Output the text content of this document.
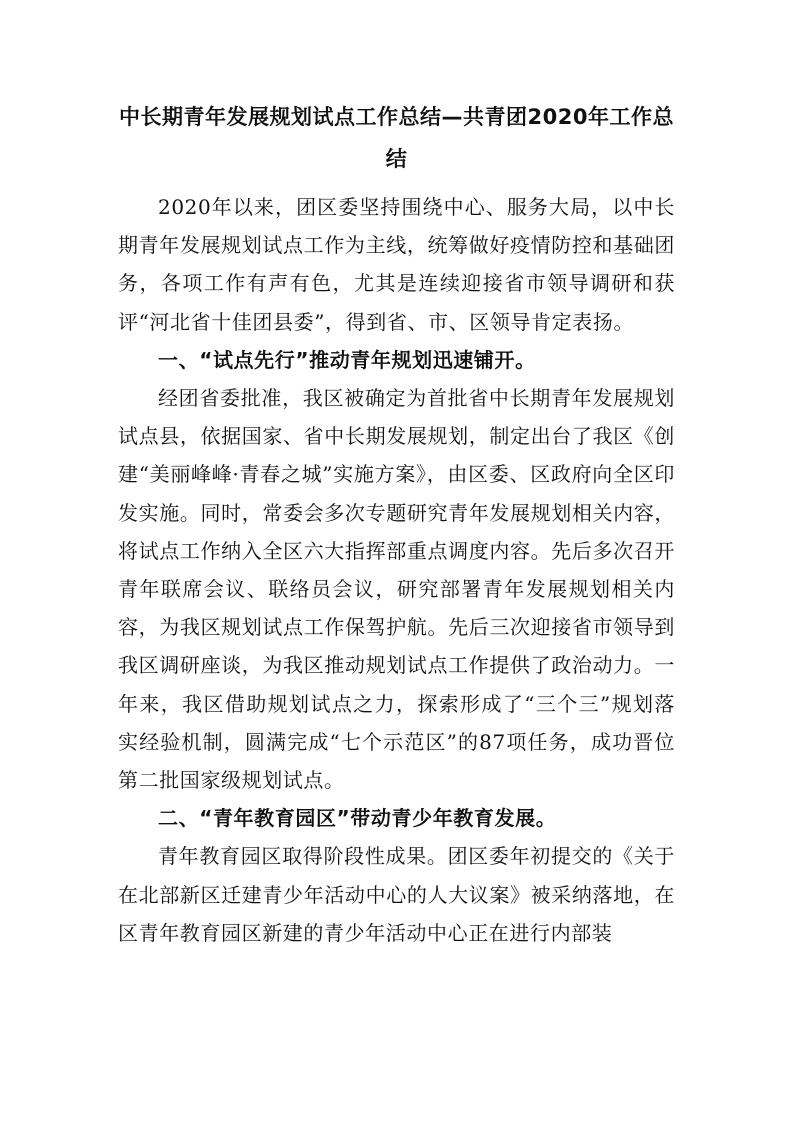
中长期青年发展规划试点工作总结—共青团2020年工作总
结

2020年以来，团区委坚持围绕中心、服务大局，以中长期青年发展规划试点工作为主线，统筹做好疫情防控和基础团务，各项工作有声有色，尤其是连续迎接省市领导调研和获评“河北省十佳团县委”，得到省、市、区领导肯定表扬。

一、“试点先行”推动青年规划迅速铺开。

经团省委批准，我区被确定为首批省中长期青年发展规划试点县，依据国家、省中长期发展规划，制定出台了我区《创建“美丽峰峰·青春之城”实施方案》，由区委、区政府向全区印发实施。同时，常委会多次专题研究青年发展规划相关内容，将试点工作纳入全区六大指挥部重点调度内容。先后多次召开青年联席会议、联络员会议，研究部署青年发展规划相关内容，为我区规划试点工作保驾护航。先后三次迎接省市领导到我区调研座谈，为我区推动规划试点工作提供了政治动力。一年来，我区借助规划试点之力，探索形成了“三个三”规划落实经验机制，圆满完成“七个示范区”的87项任务，成功晋位第二批国家级规划试点。

二、“青年教育园区”带动青少年教育发展。

青年教育园区取得阶段性成果。团区委年初提交的《关于在北部新区迁建青少年活动中心的人大议案》被采纳落地，在区青年教育园区新建的青少年活动中心正在进行内部装
